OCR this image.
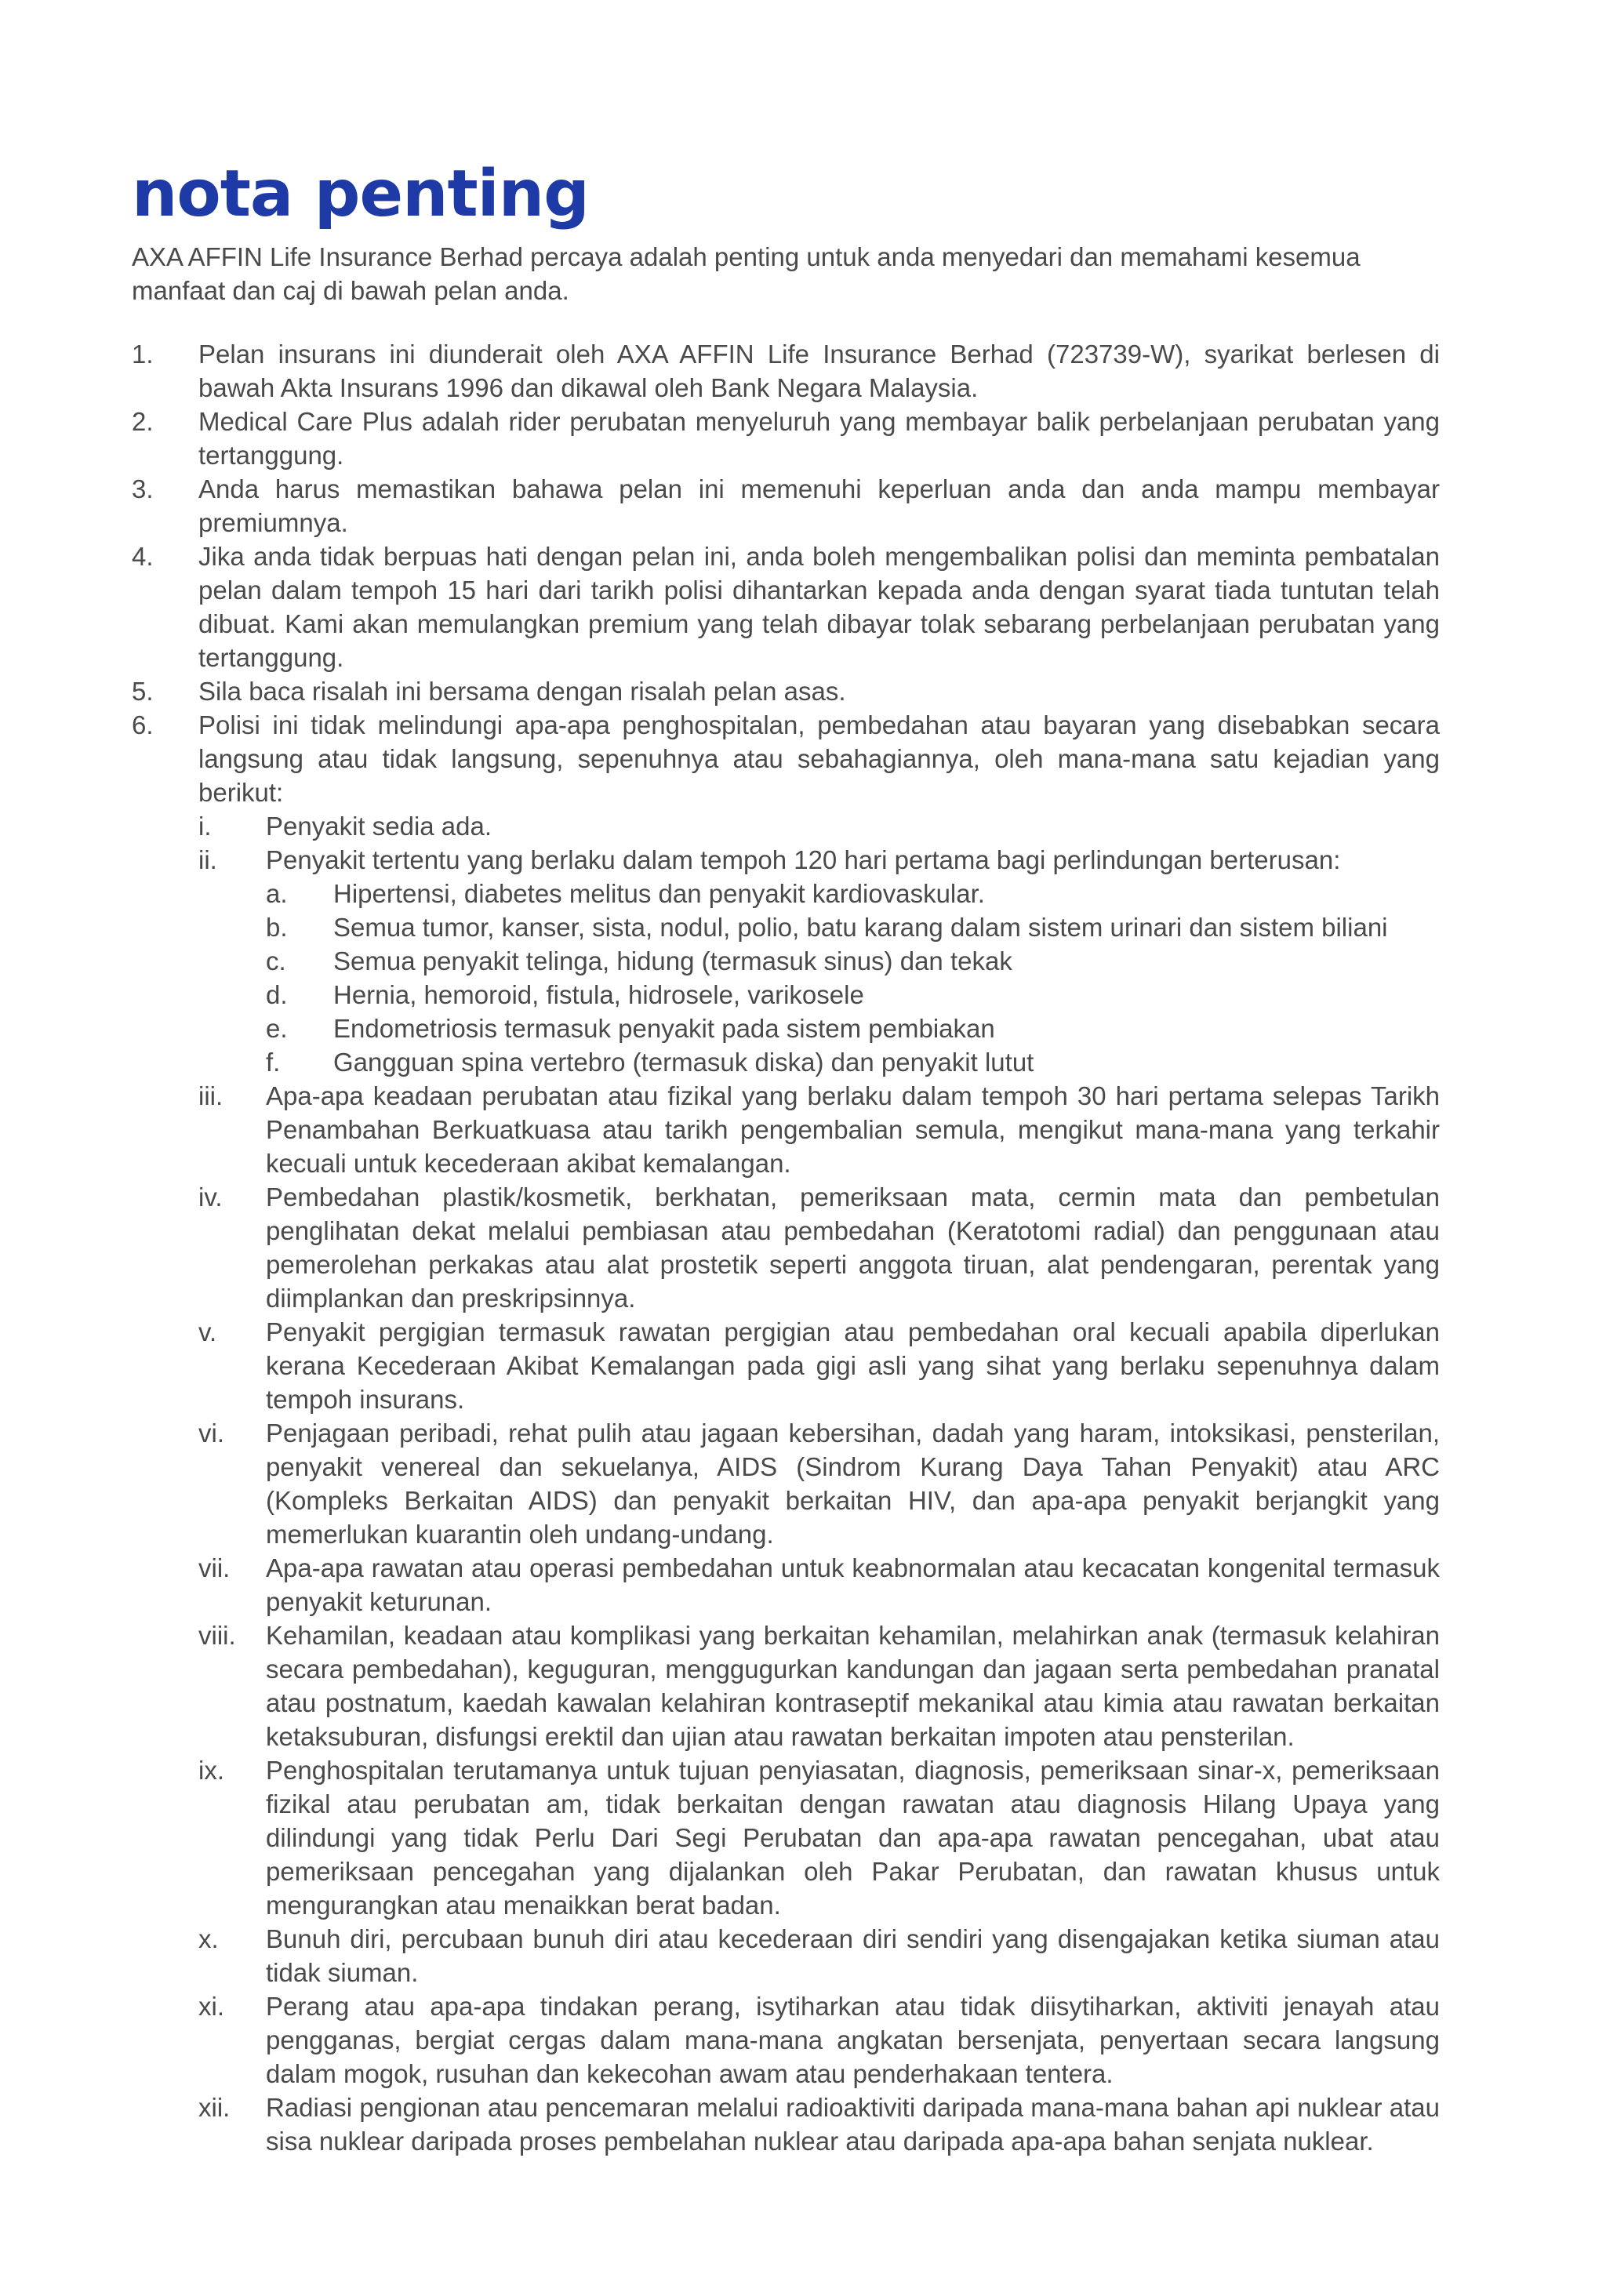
nota penting

AXA AFFIN Life Insurance Berhad percaya adalah penting untuk anda menyedari dan memahami kesemua manfaat dan caj di bawah pelan anda.

1. Pelan insurans ini diunderait oleh AXA AFFIN Life Insurance Berhad (723739-W), syarikat berlesen di bawah Akta Insurans 1996 dan dikawal oleh Bank Negara Malaysia.
2. Medical Care Plus adalah rider perubatan menyeluruh yang membayar balik perbelanjaan perubatan yang tertanggung.
3. Anda harus memastikan bahawa pelan ini memenuhi keperluan anda dan anda mampu membayar premiumnya.
4. Jika anda tidak berpuas hati dengan pelan ini, anda boleh mengembalikan polisi dan meminta pembatalan pelan dalam tempoh 15 hari dari tarikh polisi dihantarkan kepada anda dengan syarat tiada tuntutan telah dibuat. Kami akan memulangkan premium yang telah dibayar tolak sebarang perbelanjaan perubatan yang tertanggung.
5. Sila baca risalah ini bersama dengan risalah pelan asas.
6. Polisi ini tidak melindungi apa-apa penghospitalan, pembedahan atau bayaran yang disebabkan secara langsung atau tidak langsung, sepenuhnya atau sebahagiannya, oleh mana-mana satu kejadian yang berikut:
i. Penyakit sedia ada.
ii. Penyakit tertentu yang berlaku dalam tempoh 120 hari pertama bagi perlindungan berterusan:
a. Hipertensi, diabetes melitus dan penyakit kardiovaskular.
b. Semua tumor, kanser, sista, nodul, polio, batu karang dalam sistem urinari dan sistem biliani
c. Semua penyakit telinga, hidung (termasuk sinus) dan tekak
d. Hernia, hemoroid, fistula, hidrosele, varikosele
e. Endometriosis termasuk penyakit pada sistem pembiakan
f. Gangguan spina vertebro (termasuk diska) dan penyakit lutut
iii. Apa-apa keadaan perubatan atau fizikal yang berlaku dalam tempoh 30 hari pertama selepas Tarikh Penambahan Berkuatkuasa atau tarikh pengembalian semula, mengikut mana-mana yang terkahir kecuali untuk kecederaan akibat kemalangan.
iv. Pembedahan plastik/kosmetik, berkhatan, pemeriksaan mata, cermin mata dan pembetulan penglihatan dekat melalui pembiasan atau pembedahan (Keratotomi radial) dan penggunaan atau pemerolehan perkakas atau alat prostetik seperti anggota tiruan, alat pendengaran, perentak yang diimplankan dan preskripsinnya.
v. Penyakit pergigian termasuk rawatan pergigian atau pembedahan oral kecuali apabila diperlukan kerana Kecederaan Akibat Kemalangan pada gigi asli yang sihat yang berlaku sepenuhnya dalam tempoh insurans.
vi. Penjagaan peribadi, rehat pulih atau jagaan kebersihan, dadah yang haram, intoksikasi, pensterilan, penyakit venereal dan sekuelanya, AIDS (Sindrom Kurang Daya Tahan Penyakit) atau ARC (Kompleks Berkaitan AIDS) dan penyakit berkaitan HIV, dan apa-apa penyakit berjangkit yang memerlukan kuarantin oleh undang-undang.
vii. Apa-apa rawatan atau operasi pembedahan untuk keabnormalan atau kecacatan kongenital termasuk penyakit keturunan.
viii. Kehamilan, keadaan atau komplikasi yang berkaitan kehamilan, melahirkan anak (termasuk kelahiran secara pembedahan), keguguran, menggugurkan kandungan dan jagaan serta pembedahan pranatal atau postnatum, kaedah kawalan kelahiran kontraseptif mekanikal atau kimia atau rawatan berkaitan ketaksuburan, disfungsi erektil dan ujian atau rawatan berkaitan impoten atau pensterilan.
ix. Penghospitalan terutamanya untuk tujuan penyiasatan, diagnosis, pemeriksaan sinar-x, pemeriksaan fizikal atau perubatan am, tidak berkaitan dengan rawatan atau diagnosis Hilang Upaya yang dilindungi yang tidak Perlu Dari Segi Perubatan dan apa-apa rawatan pencegahan, ubat atau pemeriksaan pencegahan yang dijalankan oleh Pakar Perubatan, dan rawatan khusus untuk mengurangkan atau menaikkan berat badan.
x. Bunuh diri, percubaan bunuh diri atau kecederaan diri sendiri yang disengajakan ketika siuman atau tidak siuman.
xi. Perang atau apa-apa tindakan perang, isytiharkan atau tidak diisytiharkan, aktiviti jenayah atau pengganas, bergiat cergas dalam mana-mana angkatan bersenjata, penyertaan secara langsung dalam mogok, rusuhan dan kekecohan awam atau penderhakaan tentera.
xii. Radiasi pengionan atau pencemaran melalui radioaktiviti daripada mana-mana bahan api nuklear atau sisa nuklear daripada proses pembelahan nuklear atau daripada apa-apa bahan senjata nuklear.
